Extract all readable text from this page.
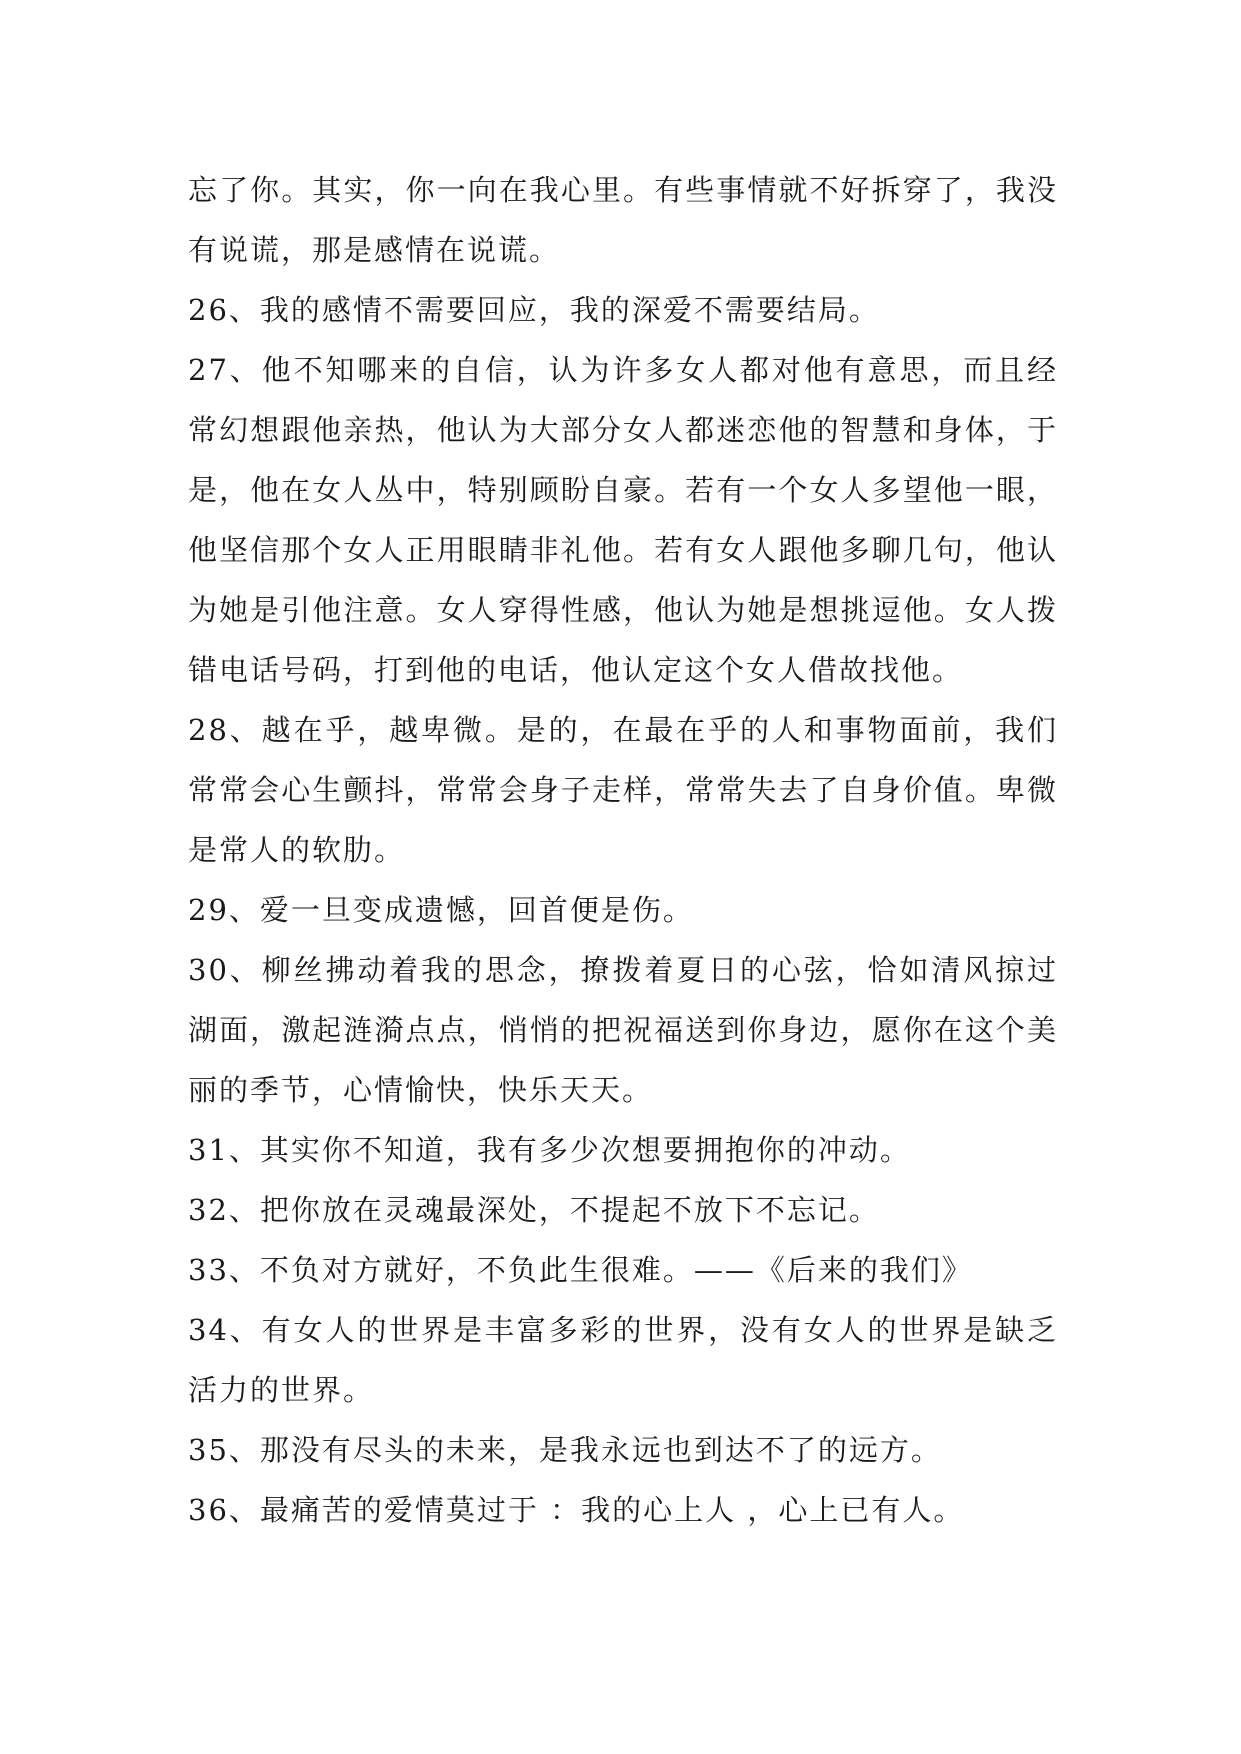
忘了你。其实，你一向在我心里。有些事情就不好拆穿了，我没有说谎，那是感情在说谎。

26、我的感情不需要回应，我的深爱不需要结局。

27、他不知哪来的自信，认为许多女人都对他有意思，而且经常幻想跟他亲热，他认为大部分女人都迷恋他的智慧和身体，于是，他在女人丛中，特别顾盼自豪。若有一个女人多望他一眼，他坚信那个女人正用眼睛非礼他。若有女人跟他多聊几句，他认为她是引他注意。女人穿得性感，他认为她是想挑逗他。女人拨错电话号码，打到他的电话，他认定这个女人借故找他。

28、越在乎，越卑微。是的，在最在乎的人和事物面前，我们常常会心生颤抖，常常会身子走样，常常失去了自身价值。卑微是常人的软肋。

29、爱一旦变成遗憾，回首便是伤。

30、柳丝拂动着我的思念，撩拨着夏日的心弦，恰如清风掠过湖面，激起涟漪点点，悄悄的把祝福送到你身边，愿你在这个美丽的季节，心情愉快，快乐天天。

31、其实你不知道，我有多少次想要拥抱你的冲动。

32、把你放在灵魂最深处，不提起不放下不忘记。

33、不负对方就好，不负此生很难。——《后来的我们》

34、有女人的世界是丰富多彩的世界，没有女人的世界是缺乏活力的世界。

35、那没有尽头的未来，是我永远也到达不了的远方。

36、最痛苦的爱情莫过于 ：我的心上人 ，心上已有人。
